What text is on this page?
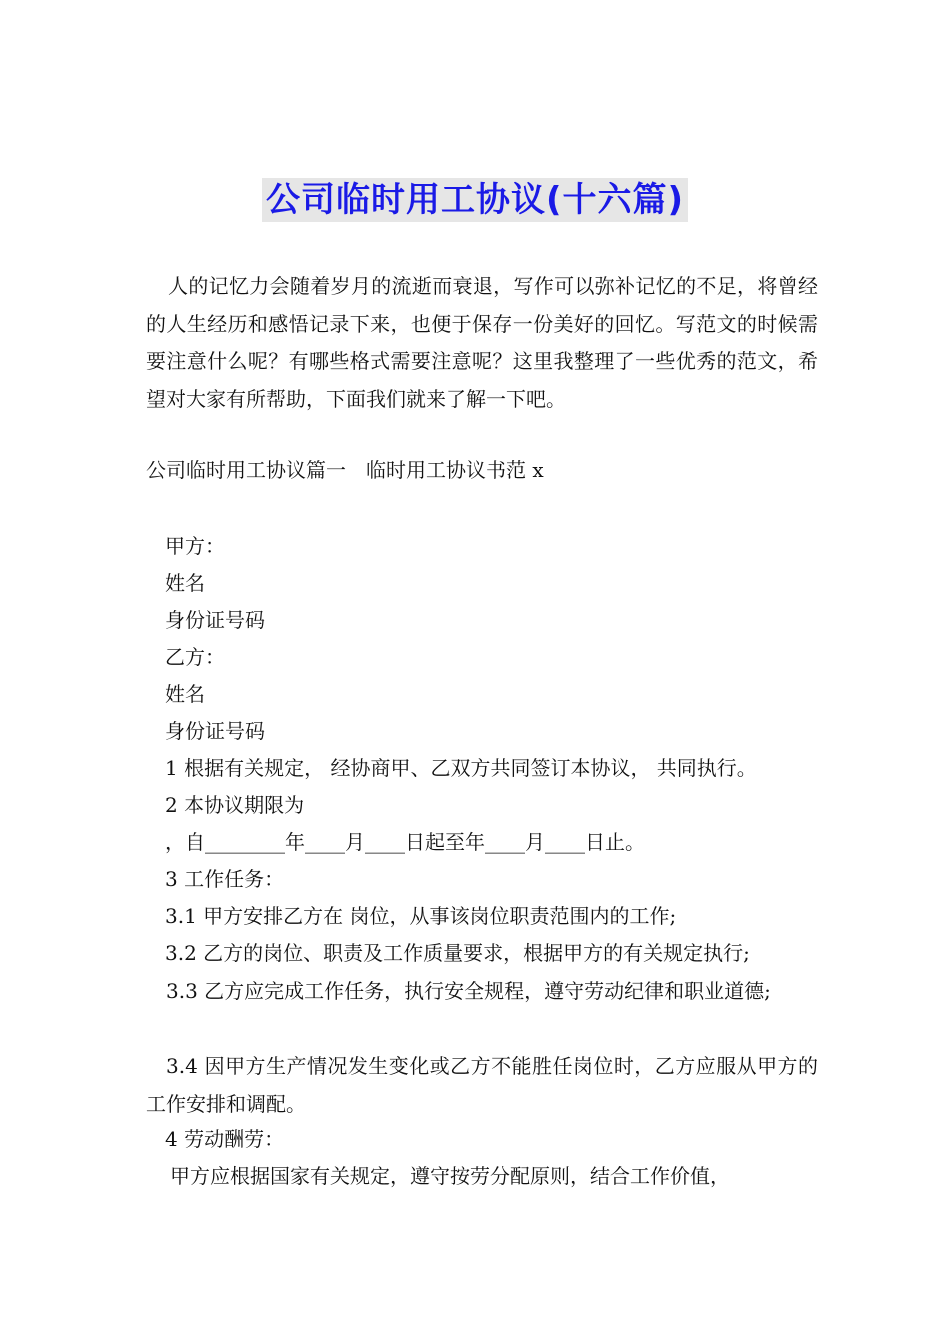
公司临时用工协议(十六篇)

人的记忆力会随着岁月的流逝而衰退，写作可以弥补记忆的不足，将曾经的人生经历和感悟记录下来，也便于保存一份美好的回忆。写范文的时候需要注意什么呢？有哪些格式需要注意呢？这里我整理了一些优秀的范文，希望对大家有所帮助，下面我们就来了解一下吧。

公司临时用工协议篇一　临时用工协议书范 x
甲方：
姓名
身份证号码
乙方：
姓名
身份证号码
1 根据有关规定， 经协商甲、乙双方共同签订本协议， 共同执行。
2 本协议期限为
，自________年____月____日起至年____月____日止。
3 工作任务：
3.1 甲方安排乙方在 岗位，从事该岗位职责范围内的工作;
3.2 乙方的岗位、职责及工作质量要求，根据甲方的有关规定执行;

3.3 乙方应完成工作任务，执行安全规程，遵守劳动纪律和职业道德;

3.4 因甲方生产情况发生变化或乙方不能胜任岗位时，乙方应服从甲方的工作安排和调配。

4 劳动酬劳：
甲方应根据国家有关规定，遵守按劳分配原则，结合工作价值，
